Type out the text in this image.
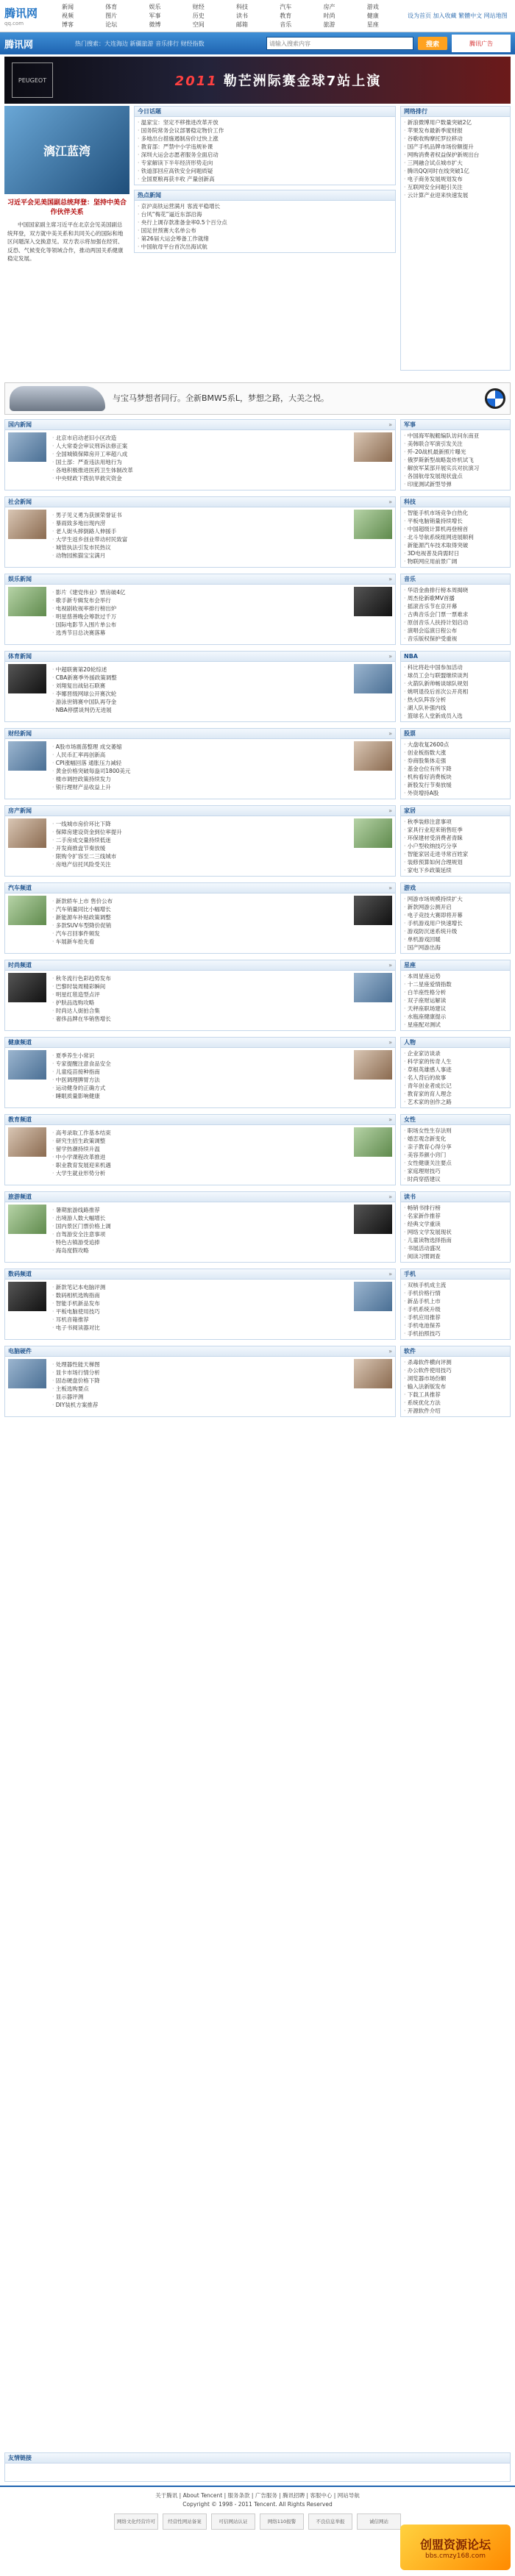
腾讯网
qq.com
新闻	体育	娱乐	财经	科技	汽车	房产	游戏
视频	图片	军事	历史	读书	教育	时尚	健康
博客	论坛	微博	空间	邮箱	音乐	旅游	星座
设为首页 加入收藏 繁體中文 网站地图
腾讯网	热门搜索：大连海边 新疆旅游 音乐排行 财经指数
请输入搜索内容	搜索	腾讯广告
PEUGEOT	2011 勒芒洲际赛金球7站上演
漓江蓝湾
习近平会见美国副总统拜登：坚持中美合作伙伴关系
中国国家副主席习近平在北京会见美国副总统拜登，双方就中美关系和共同关心的国际和地区问题深入交换意见。双方表示将加强在经贸、反恐、气候变化等领域合作，推动两国关系健康稳定发展。
今日话题
· 温家宝：坚定不移推进改革开放
· 国务院常务会议部署稳定物价工作
· 多地出台措施遏制房价过快上涨
· 教育部：严禁中小学违规补课
· 深圳大运会志愿者服务全面启动
· 专家解读下半年经济形势走向
· 铁道部回应高铁安全问题质疑
· 全国夏粮再获丰收 产量创新高
热点新闻
· 京沪高铁运营满月 客流平稳增长
· 台风“梅花”逼近东部沿海
· 央行上调存款准备金率0.5个百分点
· 国足世预赛大名单公布
· 第26届大运会筹备工作就绪
· 中国航母平台首次出海试航
网络排行
· 新浪微博用户数量突破2亿
· 苹果发布最新季度财报
· 谷歌收购摩托罗拉移动
· 国产手机品牌市场份额提升
· 网购消费者权益保护新规出台
· 三网融合试点城市扩大
· 腾讯QQ同时在线突破1亿
· 电子商务发展规划发布
· 互联网安全问题引关注
· 云计算产业迎来快速发展
与宝马梦想者同行。全新BMW5系L，梦想之路，大美之悦。
国内新闻	»
· 北京市启动老旧小区改造
· 人大常委会审议刑诉法修正案
· 全国城镇保障房开工率超八成
· 国土部：严查违法用地行为
· 各地积极推进医药卫生体制改革
· 中央财政下拨抗旱救灾资金
军事
· 中国海军舰艇编队访问东南亚
· 美韩联合军演引发关注
· 歼-20战机最新照片曝光
· 俄罗斯新型战略轰炸机试飞
· 解放军某部开展实兵对抗演习
· 各国航母发展现状盘点
· 印度测试新型导弹
社会新闻	»
· 男子见义勇为获颁荣誉证书
· 暴雨致多地出现内涝
· 老人街头摔倒路人伸援手
· 大学生返乡创业带动村民致富
· 城管执法引发市民热议
· 动物园熊猫宝宝满月
科技
· 智能手机市场竞争白热化
· 平板电脑销量持续增长
· 中国超级计算机再登榜首
· 北斗导航系统组网进展顺利
· 新能源汽车技术取得突破
· 3D电视普及尚需时日
· 物联网应用前景广阔
娱乐新闻	»
· 影片《建党伟业》票房破4亿
· 歌手新专辑发布会举行
· 电视剧收视率排行榜出炉
· 明星慈善晚会筹款过千万
· 国际电影节入围片单公布
· 选秀节目总决赛落幕
音乐
· 华语金曲排行榜本周揭晓
· 周杰伦新歌MV首播
· 摇滚音乐节在京开幕
· 古典音乐会门票一票难求
· 原创音乐人扶持计划启动
· 演唱会巡演日程公布
· 音乐版权保护受重视
体育新闻	»
· 中超联赛第20轮综述
· CBA新赛季外援政策调整
· 刘翔复出战钻石联赛
· 李娜晋级网球公开赛次轮
· 游泳世锦赛中国队再夺金
· NBA停摆谈判仍无进展
NBA
· 科比将赴中国参加活动
· 球员工会与联盟继续谈判
· 火箭队新帅畅谈球队规划
· 姚明退役后首次公开亮相
· 热火队阵容分析
· 湖人队补强内线
· 篮球名人堂新成员入选
财经新闻	»
· A股市场震荡整理 成交萎缩
· 人民币汇率再创新高
· CPI涨幅回落 通胀压力减轻
· 黄金价格突破每盎司1800美元
· 楼市调控政策持续发力
· 银行理财产品收益上升
股票
· 大盘收复2600点
· 创业板指数大涨
· 券商股集体走强
· 基金仓位有所下降
· 机构看好消费板块
· 新股发行节奏放缓
· 外资增持A股
房产新闻	»
· 一线城市房价环比下降
· 保障房建设资金到位率提升
· 二手房成交量持续低迷
· 开发商推盘节奏放缓
· 限购令扩容至二三线城市
· 房地产信托风险受关注
家居
· 秋季装修注意事项
· 家具行业迎来销售旺季
· 环保建材受消费者青睐
· 小户型收纳技巧分享
· 智能家居走进寻常百姓家
· 装修预算如何合理规划
· 家电下乡政策延续
汽车频道	»
· 新款轿车上市 售价公布
· 汽车销量同比小幅增长
· 新能源车补贴政策调整
· 多款SUV车型降价促销
· 汽车召回事件频发
· 车展新车抢先看
游戏
· 网游市场规模持续扩大
· 新款网游公测开启
· 电子竞技大赛即将开幕
· 手机游戏用户快速增长
· 游戏防沉迷系统升级
· 单机游戏回暖
· 国产网游出海
时尚频道	»
· 秋冬流行色彩趋势发布
· 巴黎时装周精彩瞬间
· 明星红毯造型点评
· 护肤品选购攻略
· 时尚达人街拍合集
· 奢侈品牌在华销售增长
星座
· 本周星座运势
· 十二星座爱情指数
· 白羊座性格分析
· 双子座财运解读
· 天秤座职场建议
· 水瓶座健康提示
· 星座配对测试
健康频道	»
· 夏季养生小常识
· 专家提醒注意食品安全
· 儿童疫苗接种指南
· 中医调理脾胃方法
· 运动健身的正确方式
· 睡眠质量影响健康
人物
· 企业家访谈录
· 科学家的传奇人生
· 草根英雄感人事迹
· 名人背后的故事
· 青年创业者成长记
· 教育家的育人理念
· 艺术家的创作之路
教育频道	»
· 高考录取工作基本结束
· 研究生招生政策调整
· 留学热潮持续升温
· 中小学课程改革推进
· 职业教育发展迎来机遇
· 大学生就业形势分析
女性
· 职场女性生存法则
· 婚恋观念新变化
· 亲子教育心得分享
· 美容养颜小窍门
· 女性健康关注要点
· 家庭理财技巧
· 时尚穿搭建议
旅游频道	»
· 暑期旅游线路推荐
· 出境游人数大幅增长
· 国内景区门票价格上调
· 自驾游安全注意事项
· 特色古镇游受追捧
· 海岛度假攻略
读书
· 畅销书排行榜
· 名家新作推荐
· 经典文学重读
· 网络文学发展现状
· 儿童读物选择指南
· 书展活动盛况
· 阅读习惯调查
数码频道	»
· 新款笔记本电脑评测
· 数码相机选购指南
· 智能手机新品发布
· 平板电脑使用技巧
· 耳机音箱推荐
· 电子书阅读器对比
手机
· 双核手机成主流
· 手机价格行情
· 新品手机上市
· 手机系统升级
· 手机应用推荐
· 手机电池保养
· 手机拍照技巧
电脑硬件	»
· 处理器性能天梯图
· 显卡市场行情分析
· 固态硬盘价格下降
· 主板选购要点
· 显示器评测
· DIY装机方案推荐
软件
· 杀毒软件横向评测
· 办公软件使用技巧
· 浏览器市场份额
· 输入法新版发布
· 下载工具推荐
· 系统优化方法
· 开源软件介绍
友情链接
关于腾讯 | About Tencent | 服务条款 | 广告服务 | 腾讯招聘 | 客服中心 | 网站导航
Copyright © 1998 - 2011 Tencent. All Rights Reserved
网络文化经营许可	经营性网站备案	可信网站认证	网络110报警	不良信息举报	诚信网站
创盟资源论坛
bbs.cmzy168.com
